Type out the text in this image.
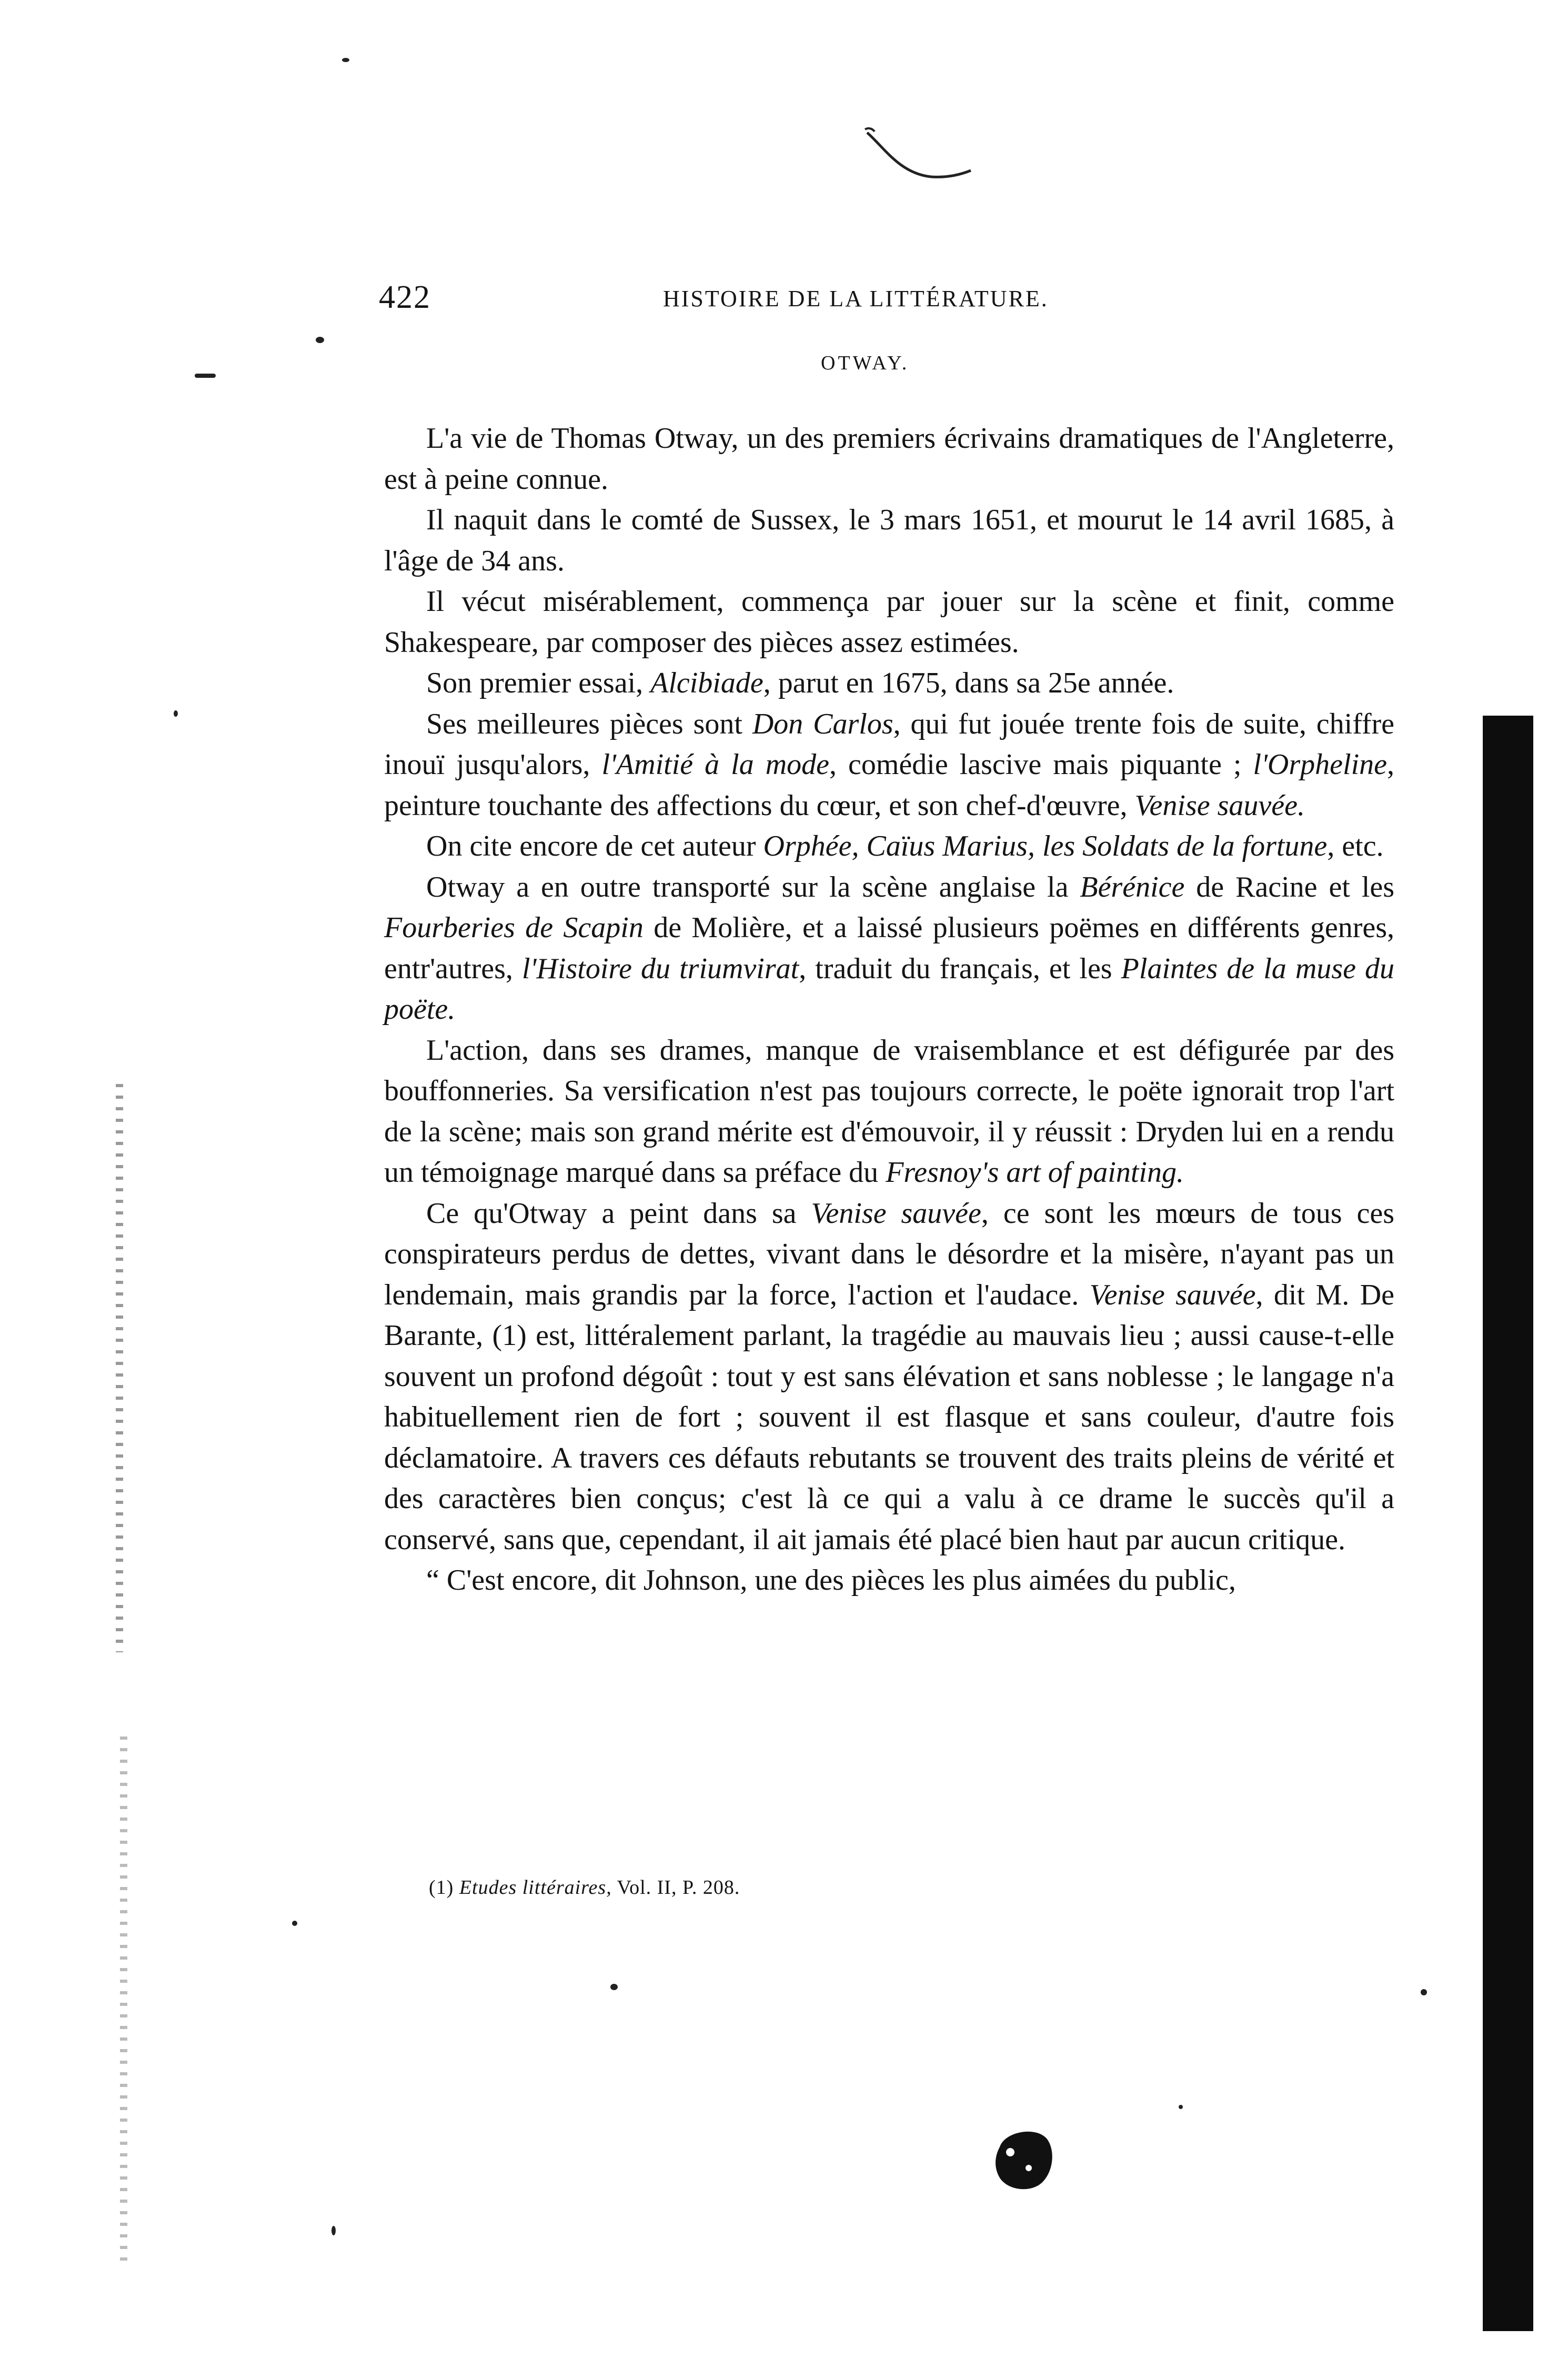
422	HISTOIRE DE LA LITTÉRATURE.
OTWAY.

L'a vie de Thomas Otway, un des premiers écrivains dramatiques de l'Angleterre, est à peine connue.

Il naquit dans le comté de Sussex, le 3 mars 1651, et mourut le 14 avril 1685, à l'âge de 34 ans.

Il vécut misérablement, commença par jouer sur la scène et finit, comme Shakespeare, par composer des pièces assez estimées.

Son premier essai, Alcibiade, parut en 1675, dans sa 25e année.

Ses meilleures pièces sont Don Carlos, qui fut jouée trente fois de suite, chiffre inouï jusqu'alors, l'Amitié à la mode, comédie lascive mais piquante ; l'Orpheline, peinture touchante des affections du cœur, et son chef-d'œuvre, Venise sauvée.

On cite encore de cet auteur Orphée, Caïus Marius, les Soldats de la fortune, etc.

Otway a en outre transporté sur la scène anglaise la Bérénice de Racine et les Fourberies de Scapin de Molière, et a laissé plusieurs poëmes en différents genres, entr'autres, l'Histoire du triumvirat, traduit du français, et les Plaintes de la muse du poëte.

L'action, dans ses drames, manque de vraisemblance et est défigurée par des bouffonneries. Sa versification n'est pas toujours correcte, le poëte ignorait trop l'art de la scène; mais son grand mérite est d'émouvoir, il y réussit : Dryden lui en a rendu un témoignage marqué dans sa préface du Fresnoy's art of painting.

Ce qu'Otway a peint dans sa Venise sauvée, ce sont les mœurs de tous ces conspirateurs perdus de dettes, vivant dans le désordre et la misère, n'ayant pas un lendemain, mais grandis par la force, l'action et l'audace. Venise sauvée, dit M. De Barante, (1) est, littéralement parlant, la tragédie au mauvais lieu ; aussi cause-t-elle souvent un profond dégoût : tout y est sans élévation et sans noblesse ; le langage n'a habituellement rien de fort ; souvent il est flasque et sans couleur, d'autre fois déclamatoire. A travers ces défauts rebutants se trouvent des traits pleins de vérité et des caractères bien conçus; c'est là ce qui a valu à ce drame le succès qu'il a conservé, sans que, cependant, il ait jamais été placé bien haut par aucun critique.

“ C'est encore, dit Johnson, une des pièces les plus aimées du public,

(1) Etudes littéraires, Vol. II, P. 208.
